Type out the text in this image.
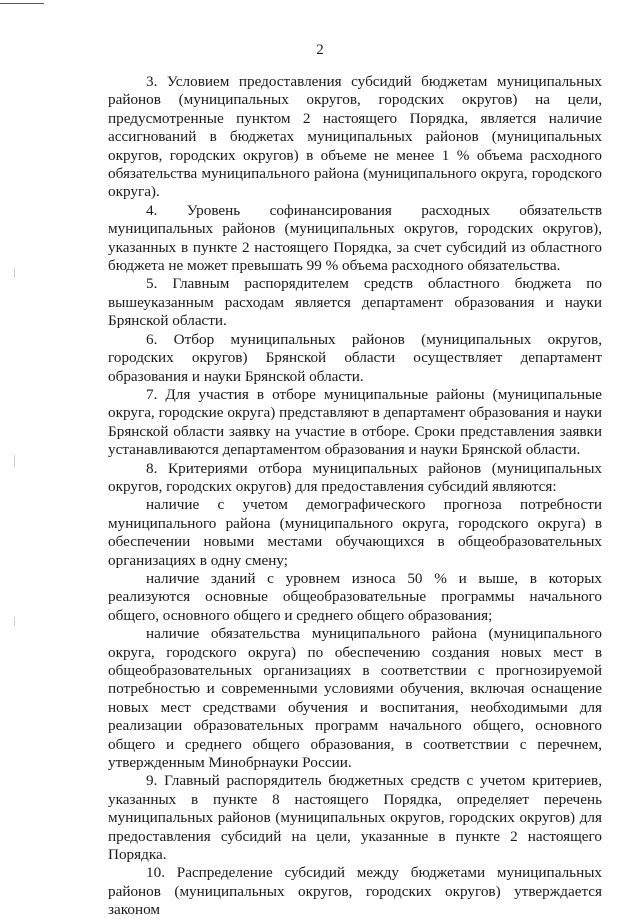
2

3. Условием предоставления субсидий бюджетам муниципальных районов (муниципальных округов, городских округов) на цели, предусмотренные пунктом 2 настоящего Порядка, является наличие ассигнований в бюджетах муниципальных районов (муниципальных округов, городских округов) в объеме не менее 1 % объема расходного обязательства муниципального района (муниципального округа, городского округа).

4. Уровень софинансирования расходных обязательств муниципальных районов (муниципальных округов, городских округов), указанных в пункте 2 настоящего Порядка, за счет субсидий из областного бюджета не может превышать 99 % объема расходного обязательства.

5. Главным распорядителем средств областного бюджета по вышеуказанным расходам является департамент образования и науки Брянской области.

6. Отбор муниципальных районов (муниципальных округов, городских округов) Брянской области осуществляет департамент образования и науки Брянской области.

7. Для участия в отборе муниципальные районы (муниципальные округа, городские округа) представляют в департамент образования и науки Брянской области заявку на участие в отборе. Сроки представления заявки устанавливаются департаментом образования и науки Брянской области.

8. Критериями отбора муниципальных районов (муниципальных округов, городских округов) для предоставления субсидий являются:

наличие с учетом демографического прогноза потребности муниципального района (муниципального округа, городского округа) в обеспечении новыми местами обучающихся в общеобразовательных организациях в одну смену;

наличие зданий с уровнем износа 50 % и выше, в которых реализуются основные общеобразовательные программы начального общего, основного общего и среднего общего образования;

наличие обязательства муниципального района (муниципального округа, городского округа) по обеспечению создания новых мест в общеобразовательных организациях в соответствии с прогнозируемой потребностью и современными условиями обучения, включая оснащение новых мест средствами обучения и воспитания, необходимыми для реализации образовательных программ начального общего, основного общего и среднего общего образования, в соответствии с перечнем, утвержденным Минобрнауки России.

9. Главный распорядитель бюджетных средств с учетом критериев, указанных в пункте 8 настоящего Порядка, определяет перечень муниципальных районов (муниципальных округов, городских округов) для предоставления субсидий на цели, указанные в пункте 2 настоящего Порядка.

10. Распределение субсидий между бюджетами муниципальных районов (муниципальных округов, городских округов) утверждается законом
